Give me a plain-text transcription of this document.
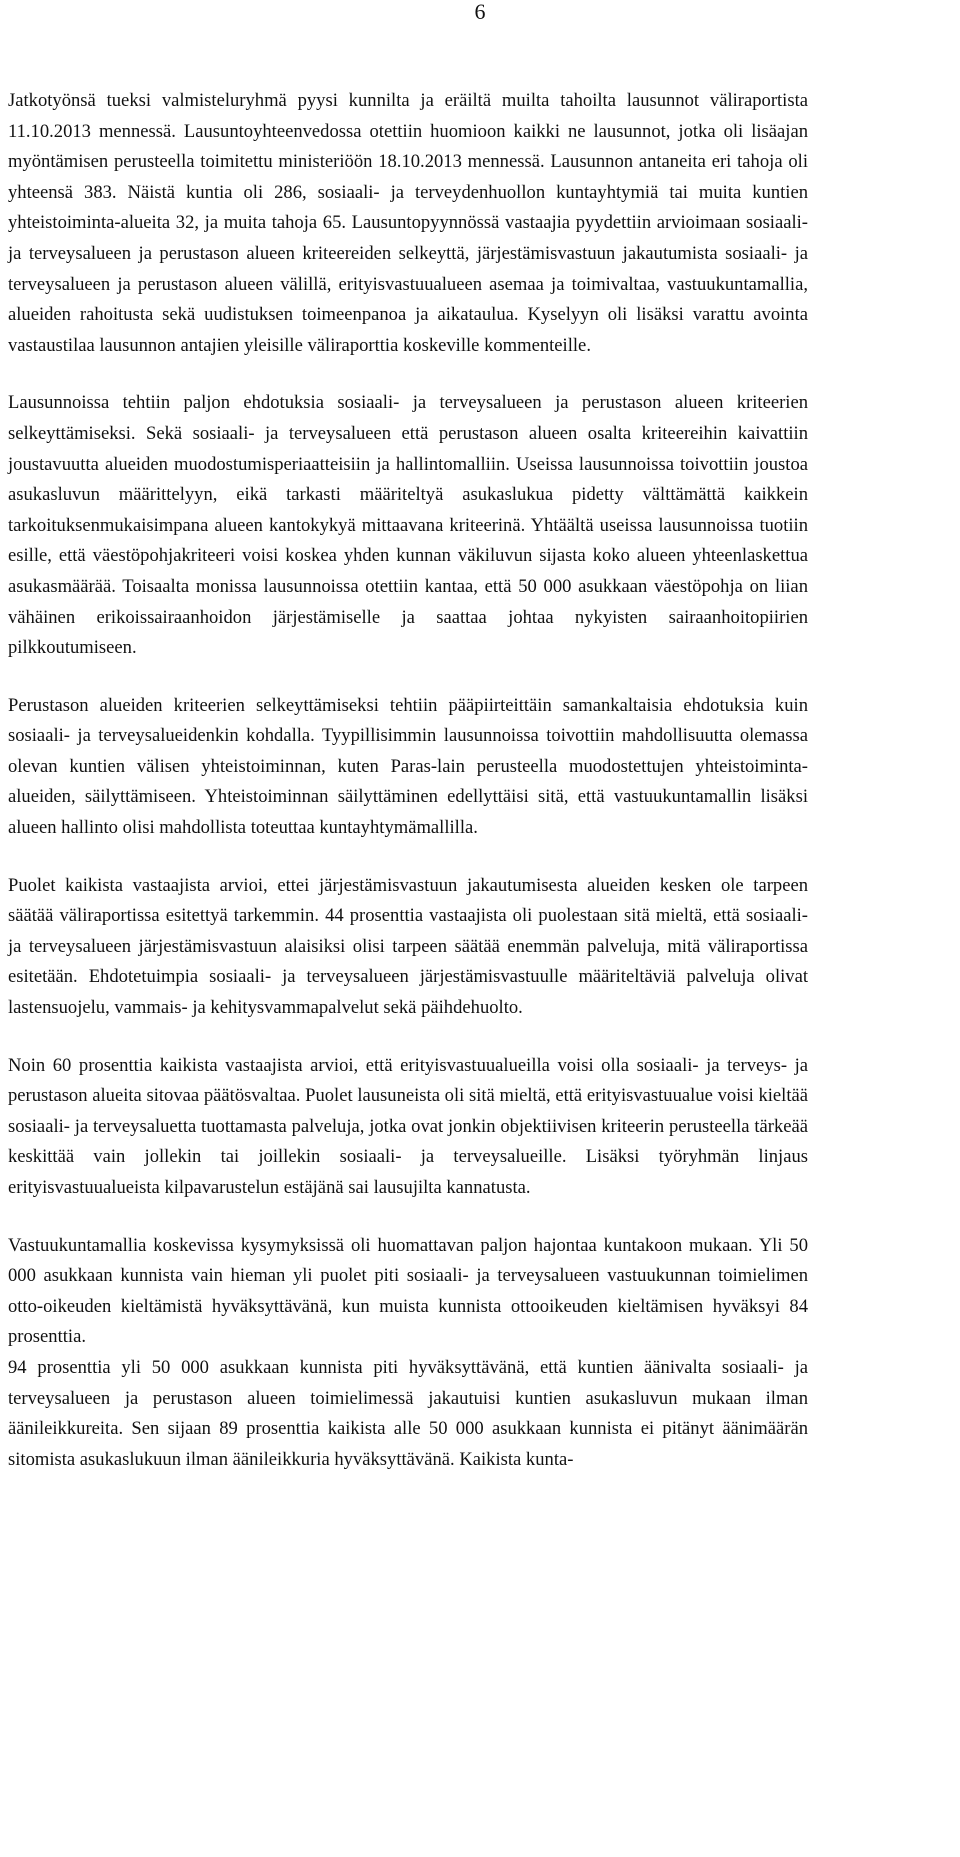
6

Jatkotyönsä tueksi valmisteluryhmä pyysi kunnilta ja eräiltä muilta tahoilta lausunnot väliraportista 11.10.2013 mennessä. Lausuntoyhteenvedossa otettiin huomioon kaikki ne lausunnot, jotka oli lisäajan myöntämisen perusteella toimitettu ministeriöön 18.10.2013 mennessä. Lausunnon antaneita eri tahoja oli yhteensä 383. Näistä kuntia oli 286, sosiaali- ja terveydenhuollon kuntayhtymiä tai muita kuntien yhteistoiminta-alueita 32, ja muita tahoja 65. Lausuntopyynnössä vastaajia pyydettiin arvioimaan sosiaali- ja terveysalueen ja perustason alueen kriteereiden selkeyttä, järjestämisvastuun jakautumista sosiaali- ja terveysalueen ja perustason alueen välillä, erityisvastuualueen asemaa ja toimivaltaa, vastuukuntamallia, alueiden rahoitusta sekä uudistuksen toimeenpanoa ja aikataulua. Kyselyyn oli lisäksi varattu avointa vastaustilaa lausunnon antajien yleisille väliraporttia koskeville kommenteille.

Lausunnoissa tehtiin paljon ehdotuksia sosiaali- ja terveysalueen ja perustason alueen kriteerien selkeyttämiseksi. Sekä sosiaali- ja terveysalueen että perustason alueen osalta kriteereihin kaivattiin joustavuutta alueiden muodostumisperiaatteisiin ja hallintomalliin. Useissa lausunnoissa toivottiin joustoa asukasluvun määrittelyyn, eikä tarkasti määriteltyä asukaslukua pidetty välttämättä kaikkein tarkoituksenmukaisimpana alueen kantokykyä mittaavana kriteerinä. Yhtäältä useissa lausunnoissa tuotiin esille, että väestöpohjakriteeri voisi koskea yhden kunnan väkiluvun sijasta koko alueen yhteenlaskettua asukasmäärää. Toisaalta monissa lausunnoissa otettiin kantaa, että 50 000 asukkaan väestöpohja on liian vähäinen erikoissairaanhoidon järjestämiselle ja saattaa johtaa nykyisten sairaanhoitopiirien pilkkoutumiseen.

Perustason alueiden kriteerien selkeyttämiseksi tehtiin pääpiirteittäin samankaltaisia ehdotuksia kuin sosiaali- ja terveysalueidenkin kohdalla. Tyypillisimmin lausunnoissa toivottiin mahdollisuutta olemassa olevan kuntien välisen yhteistoiminnan, kuten Paras-lain perusteella muodostettujen yhteistoiminta-alueiden, säilyttämiseen. Yhteistoiminnan säilyttäminen edellyttäisi sitä, että vastuukuntamallin lisäksi alueen hallinto olisi mahdollista toteuttaa kuntayhtymämallilla.

Puolet kaikista vastaajista arvioi, ettei järjestämisvastuun jakautumisesta alueiden kesken ole tarpeen säätää väliraportissa esitettyä tarkemmin. 44 prosenttia vastaajista oli puolestaan sitä mieltä, että sosiaali- ja terveysalueen järjestämisvastuun alaisiksi olisi tarpeen säätää enemmän palveluja, mitä väliraportissa esitetään. Ehdotetuimpia sosiaali- ja terveysalueen järjestämisvastuulle määriteltäviä palveluja olivat lastensuojelu, vammais- ja kehitysvammapalvelut sekä päihdehuolto.

Noin 60 prosenttia kaikista vastaajista arvioi, että erityisvastuualueilla voisi olla sosiaali- ja terveys- ja perustason alueita sitovaa päätösvaltaa. Puolet lausuneista oli sitä mieltä, että erityisvastuualue voisi kieltää sosiaali- ja terveysaluetta tuottamasta palveluja, jotka ovat jonkin objektiivisen kriteerin perusteella tärkeää keskittää vain jollekin tai joillekin sosiaali- ja terveysalueille. Lisäksi työryhmän linjaus erityisvastuualueista kilpavarustelun estäjänä sai lausujilta kannatusta.

Vastuukuntamallia koskevissa kysymyksissä oli huomattavan paljon hajontaa kuntakoon mukaan. Yli 50 000 asukkaan kunnista vain hieman yli puolet piti sosiaali- ja terveysalueen vastuukunnan toimielimen otto-oikeuden kieltämistä hyväksyttävänä, kun muista kunnista ottooikeuden kieltämisen hyväksyi 84 prosenttia.

94 prosenttia yli 50 000 asukkaan kunnista piti hyväksyttävänä, että kuntien äänivalta sosiaali- ja terveysalueen ja perustason alueen toimielimessä jakautuisi kuntien asukasluvun mukaan ilman äänileikkureita. Sen sijaan 89 prosenttia kaikista alle 50 000 asukkaan kunnista ei pitänyt äänimäärän sitomista asukaslukuun ilman äänileikkuria hyväksyttävänä. Kaikista kunta-
